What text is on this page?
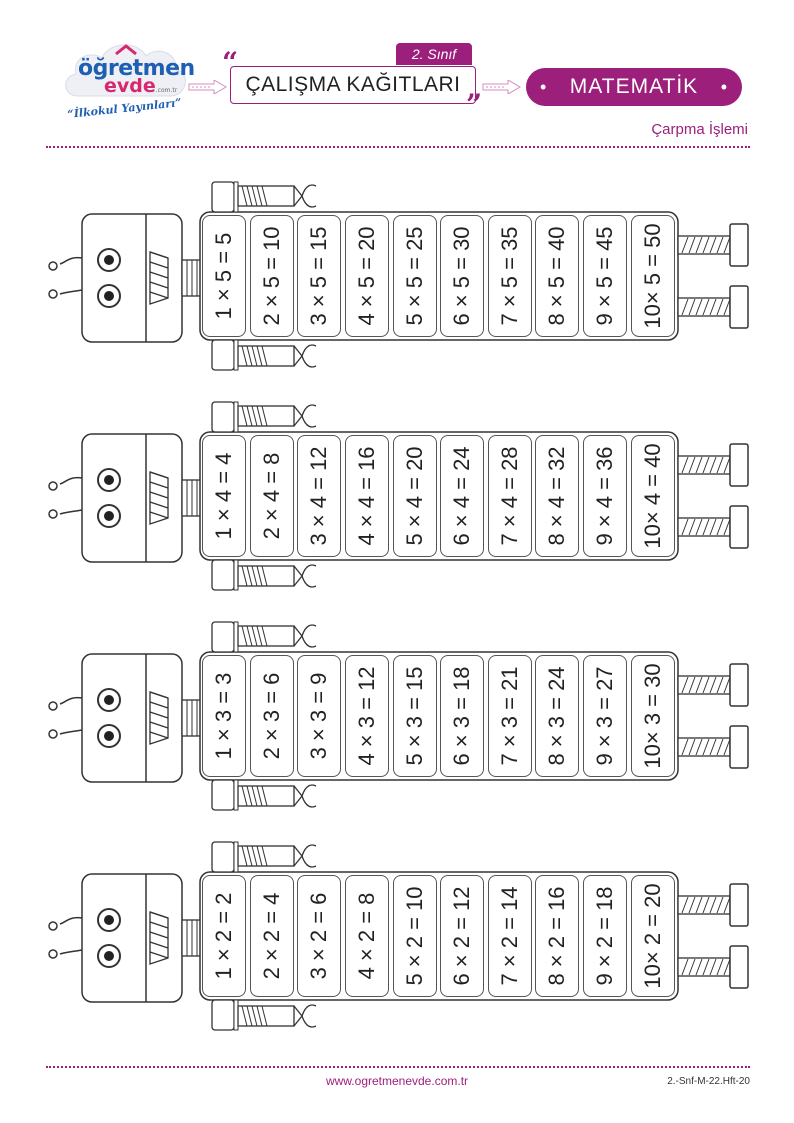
öğretmen
evde.com.tr
“İlkokul Yayınları”
2. Sınıf
“
ÇALIŞMA KAĞITLARI
”
• MATEMATİK •
Çarpma İşlemi
1 × 5 = 5 2 × 5 = 10 3 × 5 = 15 4 × 5 = 20 5 × 5 = 25 6 × 5 = 30 7 × 5 = 35 8 × 5 = 40 9 × 5 = 45 10× 5 = 50
1 × 4 = 4 2 × 4 = 8 3 × 4 = 12 4 × 4 = 16 5 × 4 = 20 6 × 4 = 24 7 × 4 = 28 8 × 4 = 32 9 × 4 = 36 10× 4 = 40
1 × 3 = 3 2 × 3 = 6 3 × 3 = 9 4 × 3 = 12 5 × 3 = 15 6 × 3 = 18 7 × 3 = 21 8 × 3 = 24 9 × 3 = 27 10× 3 = 30
1 × 2 = 2 2 × 2 = 4 3 × 2 = 6 4 × 2 = 8 5 × 2 = 10 6 × 2 = 12 7 × 2 = 14 8 × 2 = 16 9 × 2 = 18 10× 2 = 20
www.ogretmenevde.com.tr	2.-Snf-M-22.Hft-20
